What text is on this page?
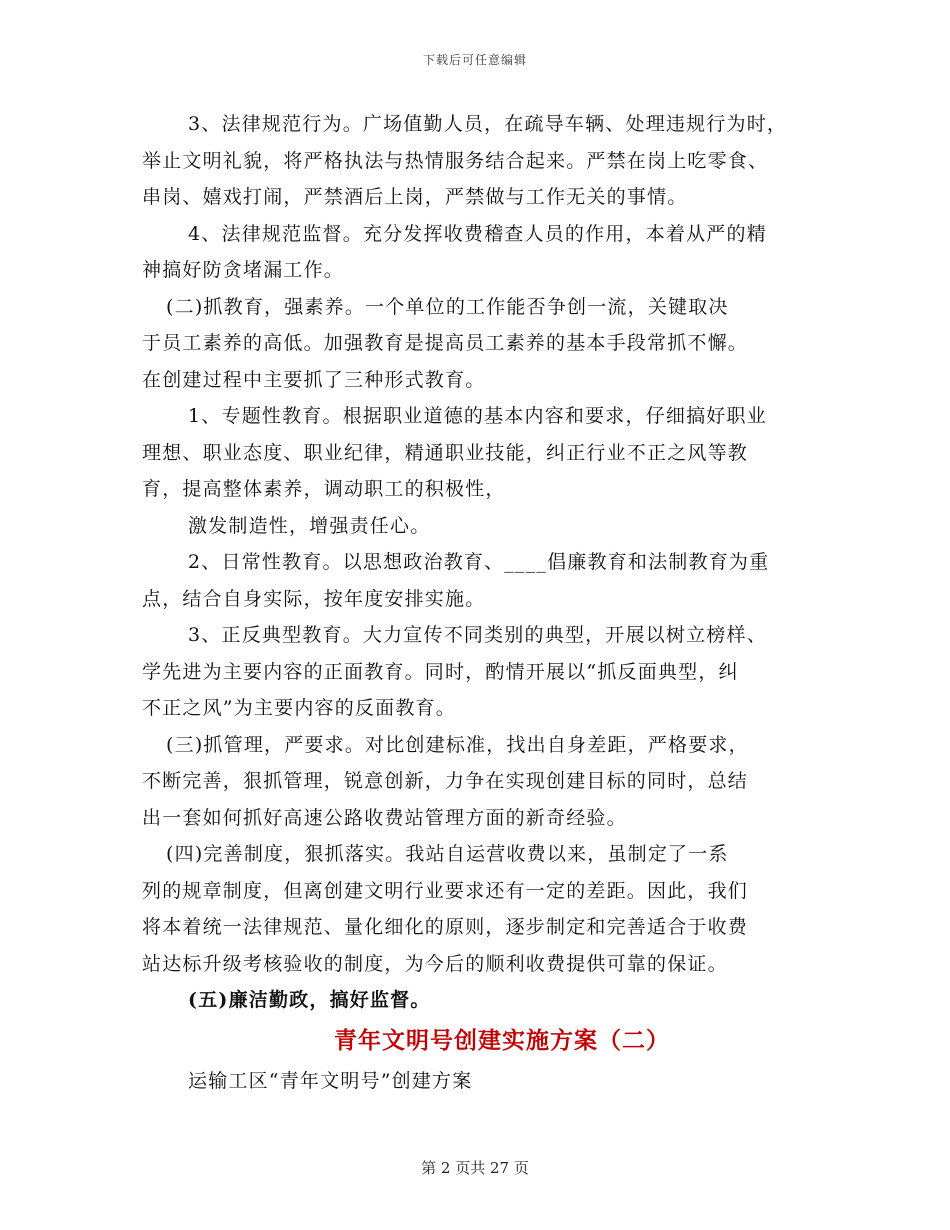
下载后可任意编辑

3、法律规范行为。广场值勤人员，在疏导车辆、处理违规行为时，
举止文明礼貌，将严格执法与热情服务结合起来。严禁在岗上吃零食、
串岗、嬉戏打闹，严禁酒后上岗，严禁做与工作无关的事情。

4、法律规范监督。充分发挥收费稽查人员的作用，本着从严的精
神搞好防贪堵漏工作。

(二)抓教育，强素养。一个单位的工作能否争创一流，关键取决
于员工素养的高低。加强教育是提高员工素养的基本手段常抓不懈。
在创建过程中主要抓了三种形式教育。

1、专题性教育。根据职业道德的基本内容和要求，仔细搞好职业
理想、职业态度、职业纪律，精通职业技能，纠正行业不正之风等教
育，提高整体素养，调动职工的积极性，

激发制造性，增强责任心。

2、日常性教育。以思想政治教育、____倡廉教育和法制教育为重
点，结合自身实际，按年度安排实施。

3、正反典型教育。大力宣传不同类别的典型，开展以树立榜样、
学先进为主要内容的正面教育。同时，酌情开展以“抓反面典型，纠
不正之风”为主要内容的反面教育。

(三)抓管理，严要求。对比创建标准，找出自身差距，严格要求，
不断完善，狠抓管理，锐意创新，力争在实现创建目标的同时，总结
出一套如何抓好高速公路收费站管理方面的新奇经验。

(四)完善制度，狠抓落实。我站自运营收费以来，虽制定了一系
列的规章制度，但离创建文明行业要求还有一定的差距。因此，我们
将本着统一法律规范、量化细化的原则，逐步制定和完善适合于收费
站达标升级考核验收的制度，为今后的顺利收费提供可靠的保证。

(五)廉洁勤政，搞好监督。

青年文明号创建实施方案（二）

运输工区“青年文明号”创建方案

第 2 页共 27 页
